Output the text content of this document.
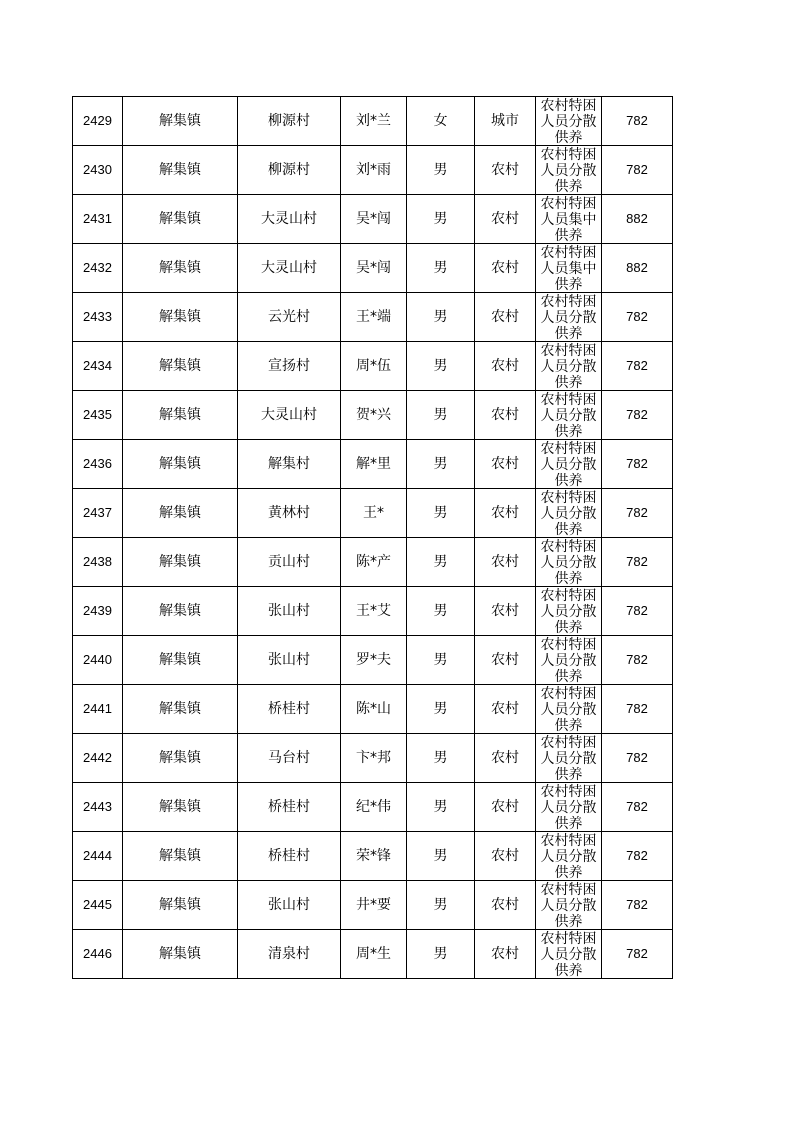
2429	解集镇	柳源村	刘*兰	女	城市	农村特困人员分散供养	782
2430	解集镇	柳源村	刘*雨	男	农村	农村特困人员分散供养	782
2431	解集镇	大灵山村	吴*闯	男	农村	农村特困人员集中供养	882
2432	解集镇	大灵山村	吴*闯	男	农村	农村特困人员集中供养	882
2433	解集镇	云光村	王*端	男	农村	农村特困人员分散供养	782
2434	解集镇	宣扬村	周*伍	男	农村	农村特困人员分散供养	782
2435	解集镇	大灵山村	贺*兴	男	农村	农村特困人员分散供养	782
2436	解集镇	解集村	解*里	男	农村	农村特困人员分散供养	782
2437	解集镇	黄林村	王*	男	农村	农村特困人员分散供养	782
2438	解集镇	贡山村	陈*产	男	农村	农村特困人员分散供养	782
2439	解集镇	张山村	王*艾	男	农村	农村特困人员分散供养	782
2440	解集镇	张山村	罗*夫	男	农村	农村特困人员分散供养	782
2441	解集镇	桥桂村	陈*山	男	农村	农村特困人员分散供养	782
2442	解集镇	马台村	卞*邦	男	农村	农村特困人员分散供养	782
2443	解集镇	桥桂村	纪*伟	男	农村	农村特困人员分散供养	782
2444	解集镇	桥桂村	荣*锋	男	农村	农村特困人员分散供养	782
2445	解集镇	张山村	井*要	男	农村	农村特困人员分散供养	782
2446	解集镇	清泉村	周*生	男	农村	农村特困人员分散供养	782
